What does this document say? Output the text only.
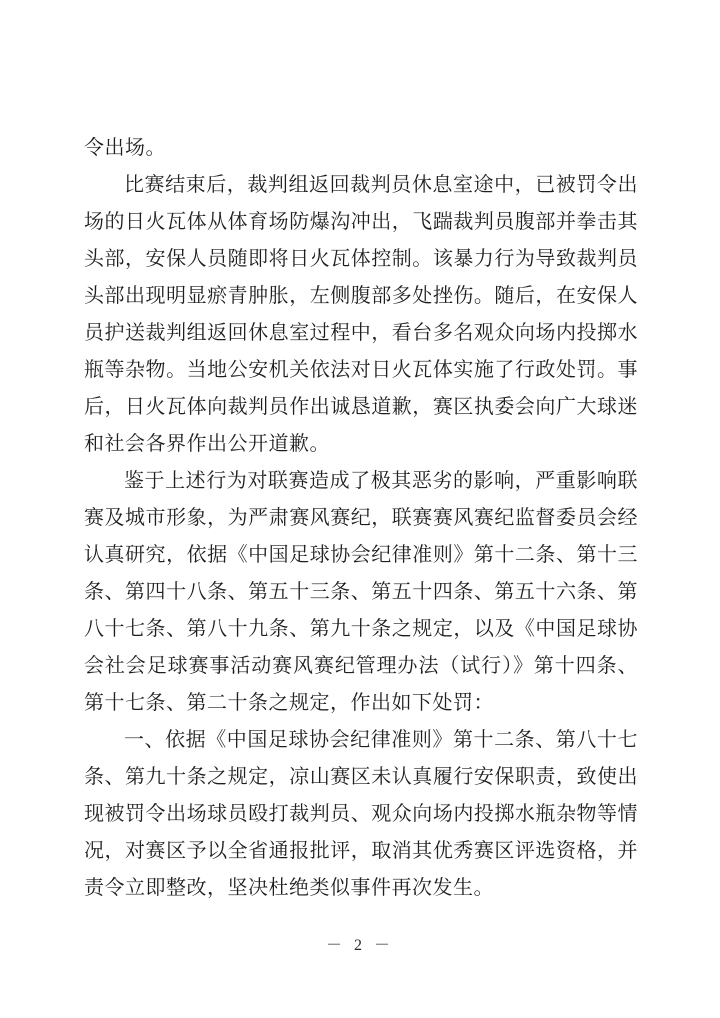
令出场。

比赛结束后，裁判组返回裁判员休息室途中，已被罚令出场的日火瓦体从体育场防爆沟冲出，飞踹裁判员腹部并拳击其头部，安保人员随即将日火瓦体控制。该暴力行为导致裁判员头部出现明显瘀青肿胀，左侧腹部多处挫伤。随后，在安保人员护送裁判组返回休息室过程中，看台多名观众向场内投掷水瓶等杂物。当地公安机关依法对日火瓦体实施了行政处罚。事后，日火瓦体向裁判员作出诚恳道歉，赛区执委会向广大球迷和社会各界作出公开道歉。

鉴于上述行为对联赛造成了极其恶劣的影响，严重影响联赛及城市形象，为严肃赛风赛纪，联赛赛风赛纪监督委员会经认真研究，依据《中国足球协会纪律准则》第十二条、第十三条、第四十八条、第五十三条、第五十四条、第五十六条、第八十七条、第八十九条、第九十条之规定，以及《中国足球协会社会足球赛事活动赛风赛纪管理办法（试行）》第十四条、第十七条、第二十条之规定，作出如下处罚：

一、依据《中国足球协会纪律准则》第十二条、第八十七条、第九十条之规定，凉山赛区未认真履行安保职责，致使出现被罚令出场球员殴打裁判员、观众向场内投掷水瓶杂物等情况，对赛区予以全省通报批评，取消其优秀赛区评选资格，并责令立即整改，坚决杜绝类似事件再次发生。

－ 2 －
